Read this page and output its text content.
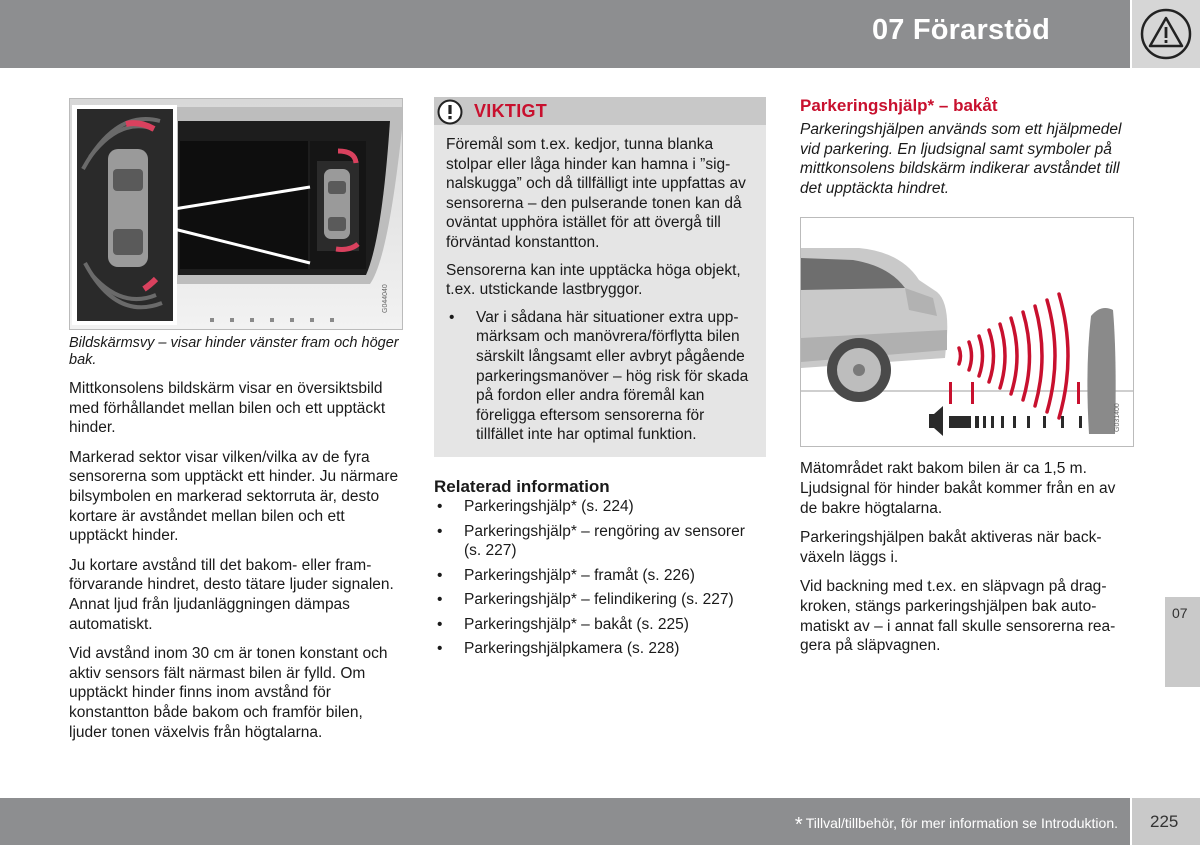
07 Förarstöd
G044040

Bildskärmsvy – visar hinder vänster fram och höger bak.

Mittkonsolens bildskärm visar en översiktsbild med förhållandet mellan bilen och ett upptäckt hinder.

Markerad sektor visar vilken/vilka av de fyra sensorerna som upptäckt ett hinder. Ju närmare bilsymbolen en markerad sektorruta är, desto kortare är avståndet mellan bilen och ett upptäckt hinder.

Ju kortare avstånd till det bakom- eller framförvarande hindret, desto tätare ljuder signalen. Annat ljud från ljudanläggningen dämpas automatiskt.

Vid avstånd inom 30 cm är tonen konstant och aktiv sensors fält närmast bilen är fylld. Om upptäckt hinder finns inom avstånd för konstantton både bakom och framför bilen, ljuder tonen växelvis från högtalarna.

VIKTIGT

Föremål som t.ex. kedjor, tunna blanka stolpar eller låga hinder kan hamna i ”signalskugga” och då tillfälligt inte uppfattas av sensorerna – den pulserande tonen kan då oväntat upphöra istället för att övergå till förväntad konstantton.

Sensorerna kan inte upptäcka höga objekt, t.ex. utstickande lastbryggor.

• Var i sådana här situationer extra uppmärksam och manövrera/förflytta bilen särskilt långsamt eller avbryt pågående parkeringsmanöver – hög risk för skada på fordon eller andra föremål kan föreligga eftersom sensorerna för tillfället inte har optimal funktion.
Relaterad information
• Parkeringshjälp* (s. 224)
• Parkeringshjälp* – rengöring av sensorer (s. 227)
• Parkeringshjälp* – framåt (s. 226)
• Parkeringshjälp* – felindikering (s. 227)
• Parkeringshjälp* – bakåt (s. 225)
• Parkeringshjälpkamera (s. 228)
Parkeringshjälp* – bakåt

Parkeringshjälpen används som ett hjälpmedel vid parkering. En ljudsignal samt symboler på mittkonsolens bildskärm indikerar avståndet till det upptäckta hindret.

G031400

Mätområdet rakt bakom bilen är ca 1,5 m. Ljudsignal för hinder bakåt kommer från en av de bakre högtalarna.

Parkeringshjälpen bakåt aktiveras när backväxeln läggs i.

Vid backning med t.ex. en släpvagn på dragkroken, stängs parkeringshjälpen bak automatiskt av – i annat fall skulle sensorerna reagera på släpvagnen.

07
* Tillval/tillbehör, för mer information se Introduktion. 225
